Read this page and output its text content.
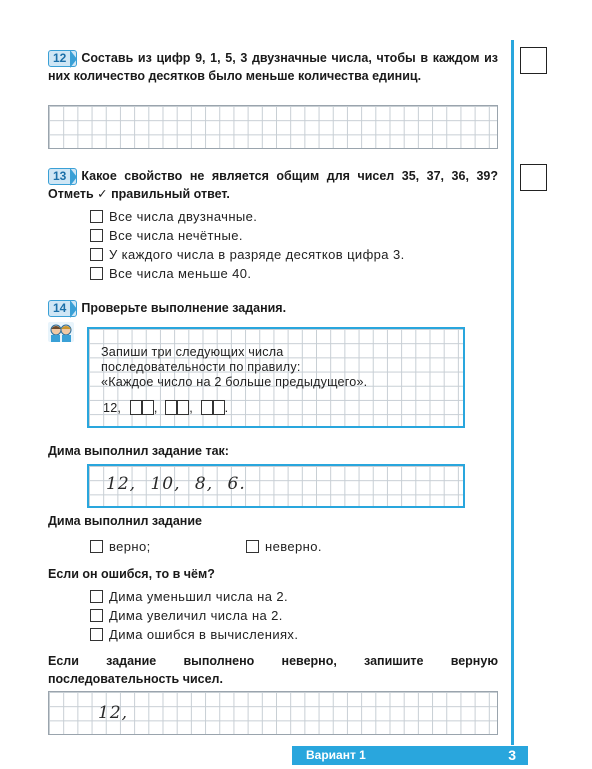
12 Составь из цифр 9, 1, 5, 3 двузначные числа, чтобы в каждом из них количество десятков было меньше количества единиц.
13 Какое свойство не является общим для чисел 35, 37, 36, 39? Отметь ✓ правильный ответ.
Все числа двузначные.
Все числа нечётные.
У каждого числа в разряде десятков цифра 3.
Все числа меньше 40.
14 Проверьте выполнение задания.
Запиши три следующих числа
последовательности по правилу:
«Каждое число на 2 больше предыдущего».
12,	, , .
Дима выполнил задание так:
12, 10, 8, 6.
Дима выполнил задание
верно;	неверно.
Если он ошибся, то в чём?
Дима уменьшил числа на 2.
Дима увеличил числа на 2.
Дима ошибся в вычислениях.
Если задание выполнено неверно, запишите верную последовательность чисел.
12,
Вариант 1	3
